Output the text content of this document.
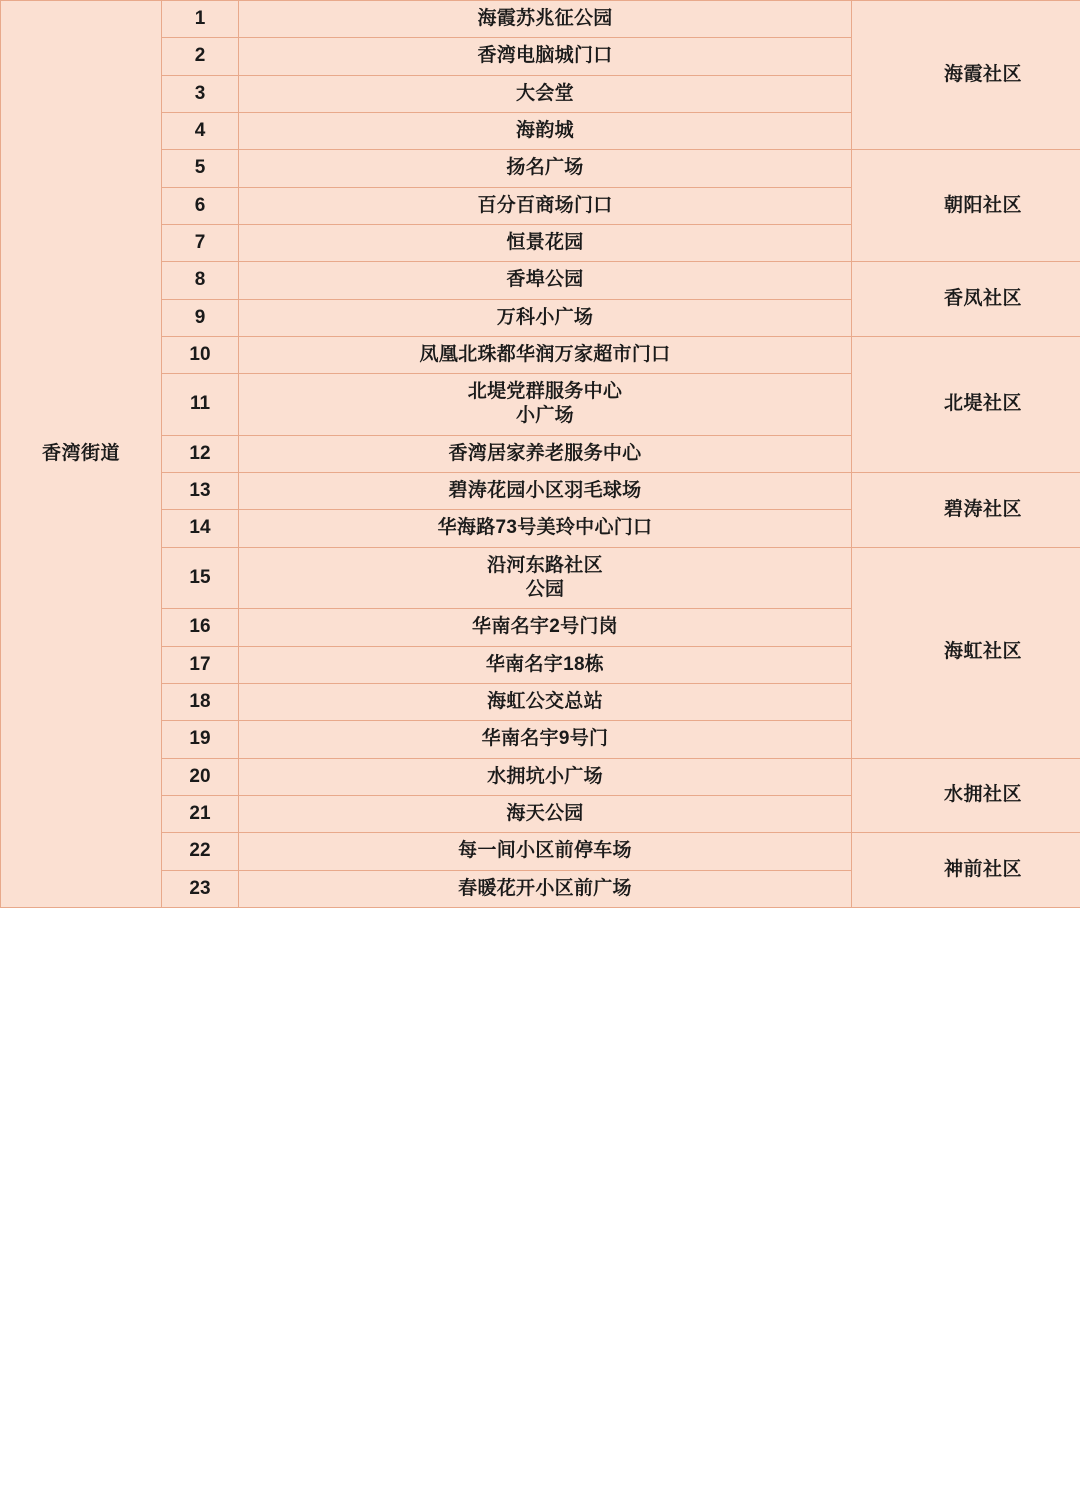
香湾街道	1	海霞苏兆征公园	海霞社区
	2	香湾电脑城门口	
	3	大会堂	
	4	海韵城	
	5	扬名广场	朝阳社区
	6	百分百商场门口	
	7	恒景花园	
	8	香埠公园	香凤社区
	9	万科小广场	
	10	凤凰北珠都华润万家超市门口	北堤社区
	11	北堤党群服务中心
小广场	

	12	香湾居家养老服务中心	
	13	碧涛花园小区羽毛球场	碧涛社区
	14	华海路73号美玲中心门口	
	15	沿河东路社区
公园	海虹社区
	16	华南名宇2号门岗	
	17	华南名宇18栋	
	18	海虹公交总站	
	19	华南名宇9号门	
	20	水拥坑小广场	水拥社区
	21	海天公园	
	22	每一间小区前停车场	神前社区
	23	春暖花开小区前广场	
